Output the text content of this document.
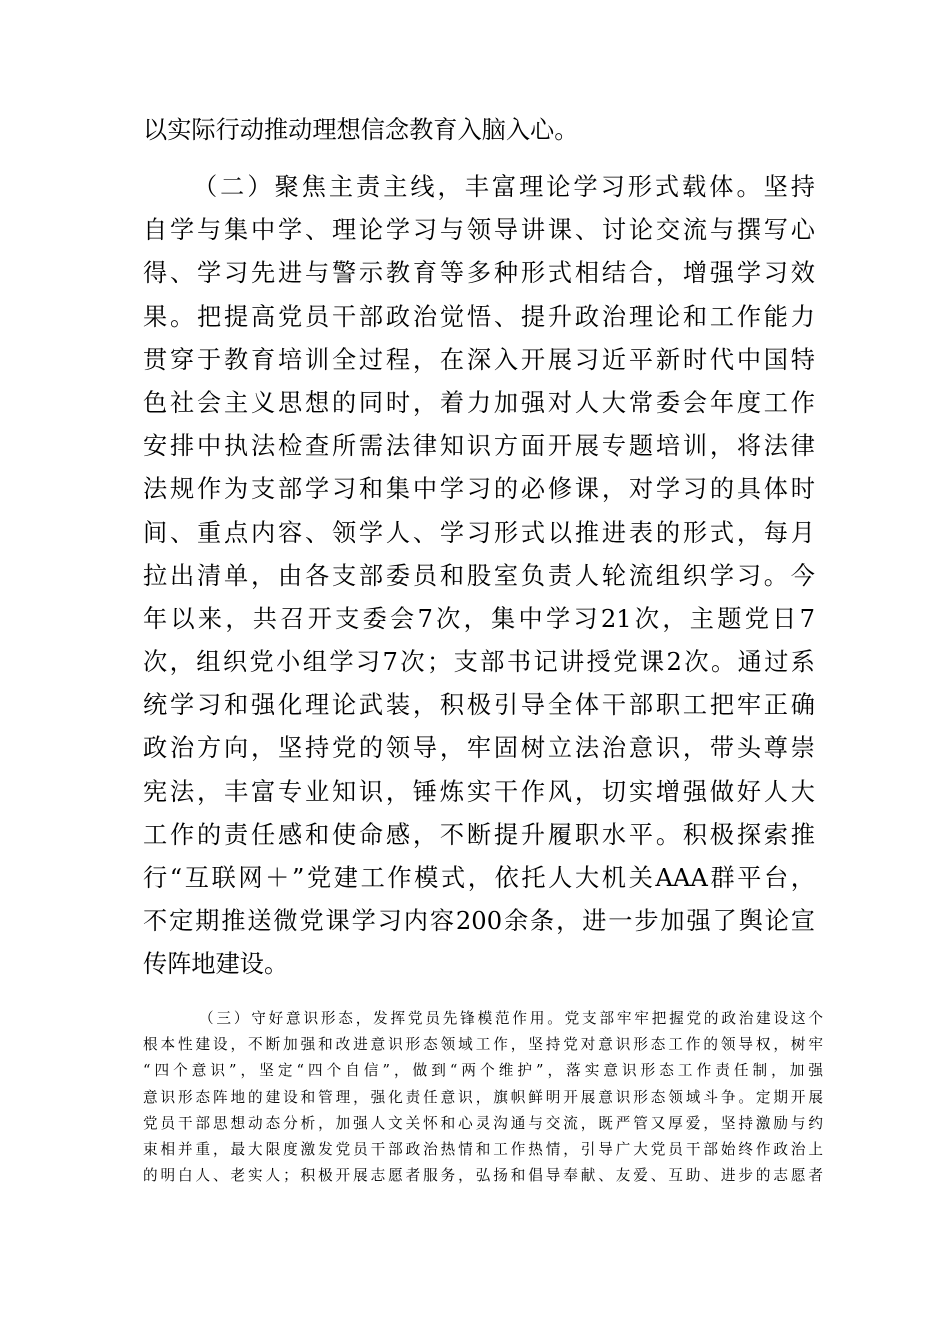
以实际行动推动理想信念教育入脑入心。
（二）聚焦主责主线，丰富理论学习形式载体。坚持
自学与集中学、理论学习与领导讲课、讨论交流与撰写心
得、学习先进与警示教育等多种形式相结合，增强学习效
果。把提高党员干部政治觉悟、提升政治理论和工作能力
贯穿于教育培训全过程，在深入开展习近平新时代中国特
色社会主义思想的同时，着力加强对人大常委会年度工作
安排中执法检查所需法律知识方面开展专题培训，将法律
法规作为支部学习和集中学习的必修课，对学习的具体时
间、重点内容、领学人、学习形式以推进表的形式，每月
拉出清单，由各支部委员和股室负责人轮流组织学习。今
年以来，共召开支委会7次，集中学习21次，主题党日7
次，组织党小组学习7次；支部书记讲授党课2次。通过系
统学习和强化理论武装，积极引导全体干部职工把牢正确
政治方向，坚持党的领导，牢固树立法治意识，带头尊崇
宪法，丰富专业知识，锤炼实干作风，切实增强做好人大
工作的责任感和使命感，不断提升履职水平。积极探索推
行“互联网＋”党建工作模式，依托人大机关AAA群平台，
不定期推送微党课学习内容200余条，进一步加强了舆论宣
传阵地建设。
（三）守好意识形态，发挥党员先锋模范作用。党支部牢牢把握党的政治建设这个
根本性建设，不断加强和改进意识形态领域工作，坚持党对意识形态工作的领导权，树牢
“四个意识”，坚定“四个自信”，做到“两个维护”，落实意识形态工作责任制，加强
意识形态阵地的建设和管理，强化责任意识，旗帜鲜明开展意识形态领域斗争。定期开展
党员干部思想动态分析，加强人文关怀和心灵沟通与交流，既严管又厚爱，坚持激励与约
束相并重，最大限度激发党员干部政治热情和工作热情，引导广大党员干部始终作政治上
的明白人、老实人；积极开展志愿者服务，弘扬和倡导奉献、友爱、互助、进步的志愿者
